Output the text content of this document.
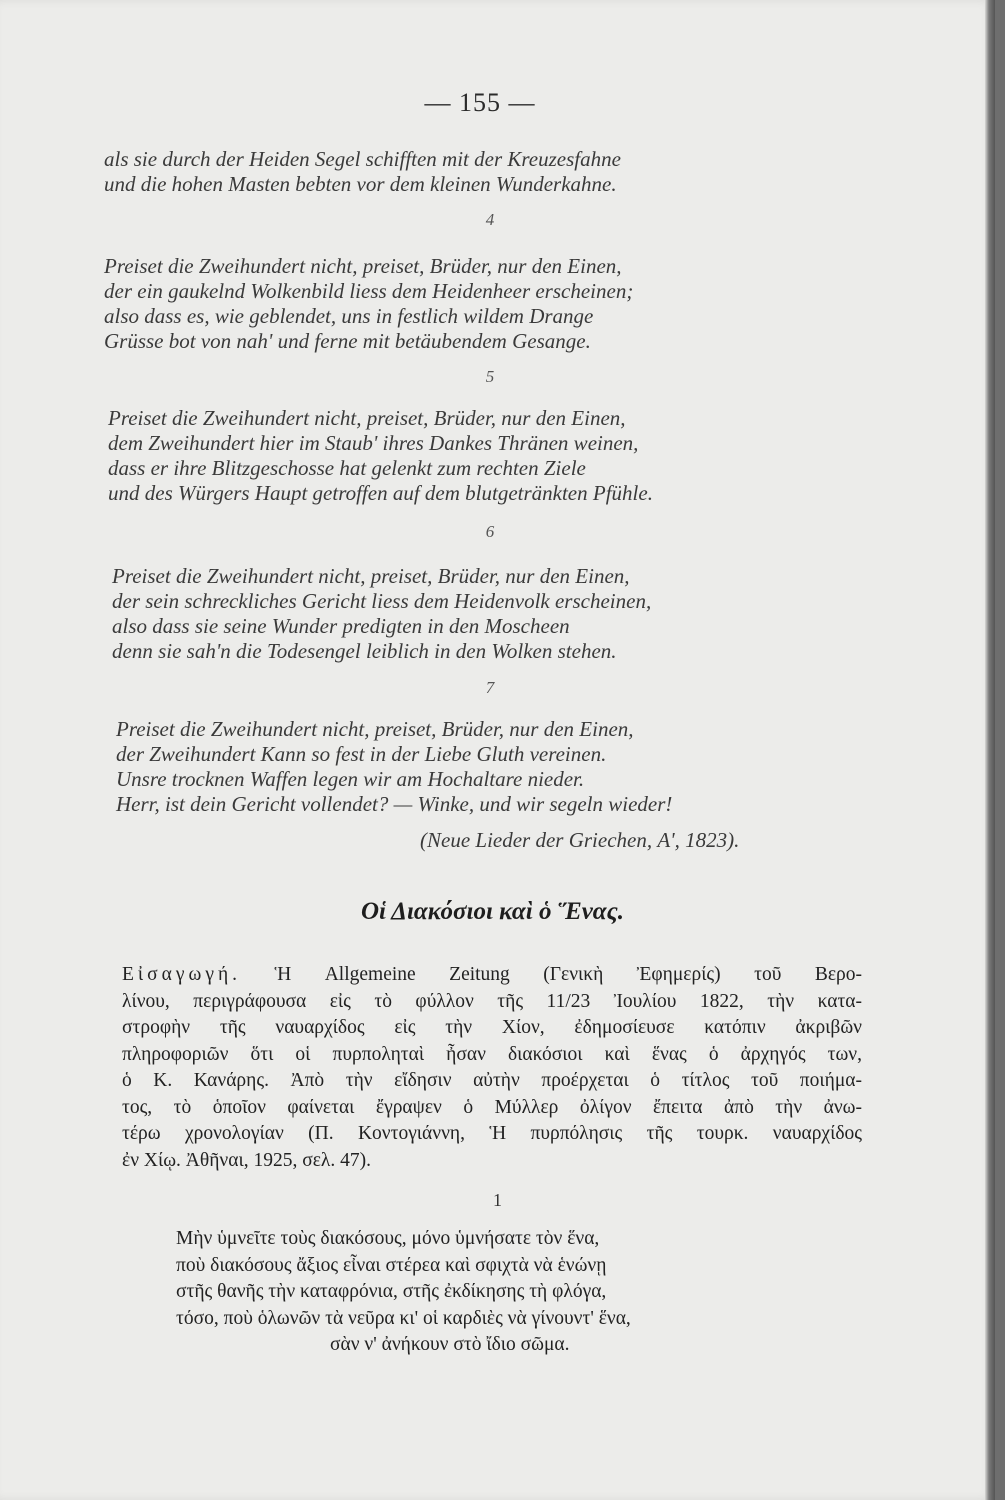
— 155 —
als sie durch der Heiden Segel schifften mit der Kreuzesfahne
und die hohen Masten bebten vor dem kleinen Wunderkahne.
4
Preiset die Zweihundert nicht, preiset, Brüder, nur den Einen,
der ein gaukelnd Wolkenbild liess dem Heidenheer erscheinen;
also dass es, wie geblendet, uns in festlich wildem Drange
Grüsse bot von nah' und ferne mit betäubendem Gesange.
5
Preiset die Zweihundert nicht, preiset, Brüder, nur den Einen,
dem Zweihundert hier im Staub' ihres Dankes Thränen weinen,
dass er ihre Blitzgeschosse hat gelenkt zum rechten Ziele
und des Würgers Haupt getroffen auf dem blutgetränkten Pfühle.
6
Preiset die Zweihundert nicht, preiset, Brüder, nur den Einen,
der sein schreckliches Gericht liess dem Heidenvolk erscheinen,
also dass sie seine Wunder predigten in den Moscheen
denn sie sah'n die Todesengel leiblich in den Wolken stehen.
7
Preiset die Zweihundert nicht, preiset, Brüder, nur den Einen,
der Zweihundert Kann so fest in der Liebe Gluth vereinen.
Unsre trocknen Waffen legen wir am Hochaltare nieder.
Herr, ist dein Gericht vollendet? — Winke, und wir segeln wieder!
(Neue Lieder der Griechen, Α', 1823).
Οἱ Διακόσιοι καὶ ὁ Ἕνας.
Εἰσαγωγή. Ἡ Allgemeine Zeitung (Γενικὴ Ἐφημερίς) τοῦ Βερο-
λίνου, περιγράφουσα εἰς τὸ φύλλον τῆς 11/23 Ἰουλίου 1822, τὴν κατα-
στροφὴν τῆς ναυαρχίδος εἰς τὴν Χίον, ἐδημοσίευσε κατόπιν ἀκριβῶν
πληροφοριῶν ὅτι οἱ πυρποληταὶ ἦσαν διακόσιοι καὶ ἕνας ὁ ἀρχηγός των,
ὁ Κ. Κανάρης. Ἀπὸ τὴν εἴδησιν αὐτὴν προέρχεται ὁ τίτλος τοῦ ποιήμα-
τος, τὸ ὁποῖον φαίνεται ἔγραψεν ὁ Μύλλερ ὀλίγον ἔπειτα ἀπὸ τὴν ἀνω-
τέρω χρονολογίαν (Π. Κοντογιάννη, Ἡ πυρπόλησις τῆς τουρκ. ναυαρχίδος
ἐν Χίῳ. Ἀθῆναι, 1925, σελ. 47).
1
Μὴν ὑμνεῖτε τοὺς διακόσους, μόνο ὑμνήσατε τὸν ἕνα,
ποὺ διακόσους ἄξιος εἶναι στέρεα καὶ σφιχτὰ νὰ ἑνώνῃ
στῆς θανῆς τὴν καταφρόνια, στῆς ἐκδίκησης τὴ φλόγα,
τόσο, ποὺ ὁλωνῶν τὰ νεῦρα κι' οἱ καρδιὲς νὰ γίνουντ' ἕνα,
σὰν ν' ἀνήκουν στὸ ἴδιο σῶμα.
